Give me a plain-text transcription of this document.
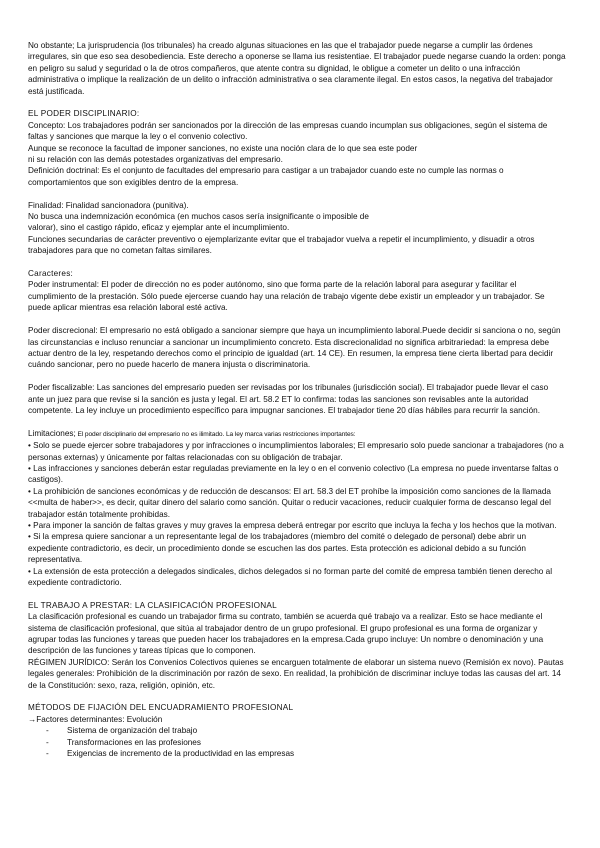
No obstante; La jurisprudencia (los tribunales) ha creado algunas situaciones en las que el trabajador puede negarse a cumplir las órdenes irregulares, sin que eso sea desobediencia. Este derecho a oponerse se llama ius resistentiae. El trabajador puede negarse cuando la orden: ponga en peligro su salud y seguridad o la de otros compañeros, que atente contra su dignidad, le obligue a cometer un delito o una infracción administrativa o implique la realización de un delito o infracción administrativa o sea claramente ilegal. En estos casos, la negativa del trabajador está justificada.

EL PODER DISCIPLINARIO:

Concepto: Los trabajadores podrán ser sancionados por la dirección de las empresas cuando incumplan sus obligaciones, según el sistema de faltas y sanciones que marque la ley o el convenio colectivo.

Aunque se reconoce la facultad de imponer sanciones, no existe una noción clara de lo que sea este poder

ni su relación con las demás potestades organizativas del empresario.

Definición doctrinal: Es el conjunto de facultades del empresario para castigar a un trabajador cuando este no cumple las normas o comportamientos que son exigibles dentro de la empresa.

Finalidad: Finalidad sancionadora (punitiva).

No busca una indemnización económica (en muchos casos sería insignificante o imposible de

valorar), sino el castigo rápido, eficaz y ejemplar ante el incumplimiento.

Funciones secundarias de carácter preventivo o ejemplarizante evitar que el trabajador vuelva a repetir el incumplimiento, y disuadir a otros trabajadores para que no cometan faltas similares.

Caracteres:

Poder instrumental: El poder de dirección no es poder autónomo, sino que forma parte de la relación laboral para asegurar y facilitar el cumplimiento de la prestación. Sólo puede ejercerse cuando hay una relación de trabajo vigente debe existir un empleador y un trabajador. Se puede aplicar mientras esa relación laboral esté activa.

Poder discrecional: El empresario no está obligado a sancionar siempre que haya un incumplimiento laboral.Puede decidir si sanciona o no, según las circunstancias e incluso renunciar a sancionar un incumplimiento concreto. Esta discrecionalidad no significa arbitrariedad: la empresa debe actuar dentro de la ley, respetando derechos como el principio de igualdad (art. 14 CE). En resumen, la empresa tiene cierta libertad para decidir cuándo sancionar, pero no puede hacerlo de manera injusta o discriminatoria.

Poder fiscalizable: Las sanciones del empresario pueden ser revisadas por los tribunales (jurisdicción social). El trabajador puede llevar el caso ante un juez para que revise si la sanción es justa y legal. El art. 58.2 ET lo confirma: todas las sanciones son revisables ante la autoridad competente. La ley incluye un procedimiento específico para impugnar sanciones. El trabajador tiene 20 días hábiles para recurrir la sanción.

Limitaciones; El poder disciplinario del empresario no es ilimitado. La ley marca varias restricciones importantes:

• Solo se puede ejercer sobre trabajadores y por infracciones o incumplimientos laborales; El empresario solo puede sancionar a trabajadores (no a personas externas) y únicamente por faltas relacionadas con su obligación de trabajar.

• Las infracciones y sanciones deberán estar reguladas previamente en la ley o en el convenio colectivo (La empresa no puede inventarse faltas o castigos).

• La prohibición de sanciones económicas y de reducción de descansos: El art. 58.3 del ET prohíbe la imposición como sanciones de la llamada <<multa de haber>>, es decir, quitar dinero del salario como sanción. Quitar o reducir vacaciones, reducir cualquier forma de descanso legal del trabajador están totalmente prohibidas.

• Para imponer la sanción de faltas graves y muy graves la empresa deberá entregar por escrito que incluya la fecha y los hechos que la motivan.

• Si la empresa quiere sancionar a un representante legal de los trabajadores (miembro del comité o delegado de personal) debe abrir un expediente contradictorio, es decir, un procedimiento donde se escuchen las dos partes. Esta protección es adicional debido a su función representativa.

• La extensión de esta protección a delegados sindicales, dichos delegados si no forman parte del comité de empresa también tienen derecho al expediente contradictorio.

EL TRABAJO A PRESTAR: LA CLASIFICACIÓN PROFESIONAL

La clasificación profesional es cuando un trabajador firma su contrato, también se acuerda qué trabajo va a realizar. Esto se hace mediante el sistema de clasificación profesional, que sitúa al trabajador dentro de un grupo profesional. El grupo profesional es una forma de organizar y agrupar todas las funciones y tareas que pueden hacer los trabajadores en la empresa.Cada grupo incluye: Un nombre o denominación y una descripción de las funciones y tareas típicas que lo componen.

RÉGIMEN JURÍDICO: Serán los Convenios Colectivos quienes se encarguen totalmente de elaborar un sistema nuevo (Remisión ex novo). Pautas legales generales: Prohibición de la discriminación por razón de sexo. En realidad, la prohibición de discriminar incluye todas las causas del art. 14 de la Constitución: sexo, raza, religión, opinión, etc.

MÉTODOS DE FIJACIÓN DEL ENCUADRAMIENTO PROFESIONAL

→Factores determinantes: Evolución

- Sistema de organización del trabajo
- Transformaciones en las profesiones
- Exigencias de incremento de la productividad en las empresas
